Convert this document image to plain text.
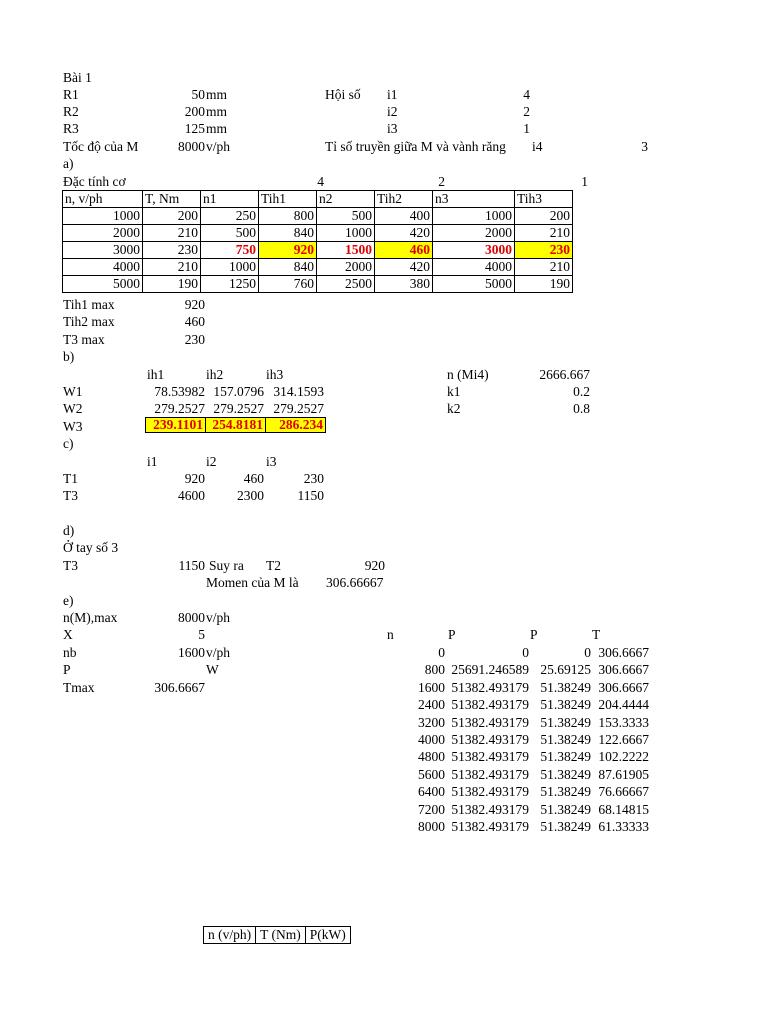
Bài 1
R1	50 mm
R2	200 mm
R3	125 mm
Tốc độ của M	8000 v/ph
Hội số i1	4
i2	2
i3	1
Tỉ số truyền giữa M và vành răng i4	3
a)
Đặc tính cơ	4	2	1
n, v/ph	T, Nm	n1	Tih1	n2	Tih2	n3	Tih3
1000	200	250	800	500	400	1000	200
2000	210	500	840	1000	420	2000	210
3000	230	750	920	1500	460	3000	230
4000	210	1000	840	2000	420	4000	210
5000	190	1250	760	2500	380	5000	190
Tih1 max	920
Tih2 max	460
T3 max	230
b)
ih1	ih2	ih3
W1	78.53982 157.0796 314.1593
W2	279.2527 279.2527 279.2527
W3	239.1101	254.8181	286.234
n (Mi4)	2666.667
k1	0.2
k2	0.8
c)
i1	i2	i3
T1	920	460	230
T3	4600	2300	1150
d)
Ở tay số 3
T3	1150 Suy ra T2	920
Momen của M là 306.66667
e)
n(M),max	8000 v/ph
X	5
nb	1600 v/ph
P	W
Tmax	306.6667
n	P	P	T
0	0	0 306.6667
800 25691.246589 25.69125 306.6667
1600 51382.493179 51.38249 306.6667
2400 51382.493179 51.38249 204.4444
3200 51382.493179 51.38249 153.3333
4000 51382.493179 51.38249 122.6667
4800 51382.493179 51.38249 102.2222
5600 51382.493179 51.38249 87.61905
6400 51382.493179 51.38249 76.66667
7200 51382.493179 51.38249 68.14815
8000 51382.493179 51.38249 61.33333
n (v/ph)	T (Nm)	P(kW)
